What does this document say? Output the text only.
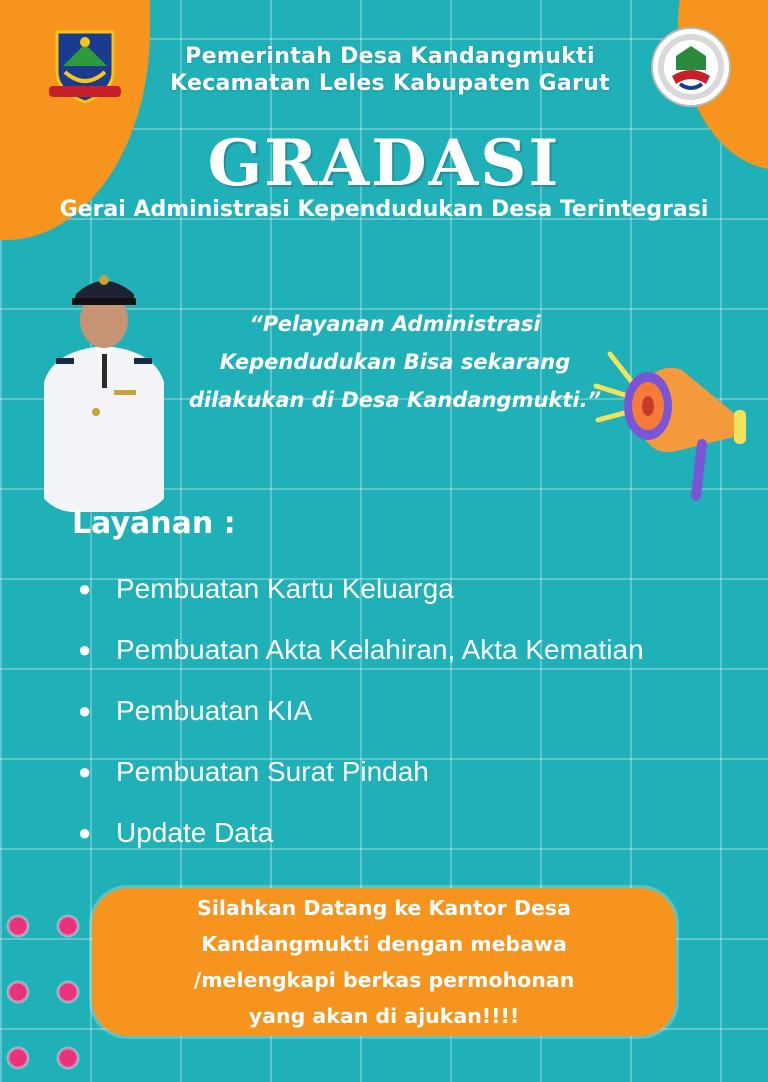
Pemerintah Desa Kandangmukti
Kecamatan Leles Kabupaten Garut
GRADASI
Gerai Administrasi Kependudukan Desa Terintegrasi
“Pelayanan Administrasi
Kependudukan Bisa sekarang
dilakukan di Desa Kandangmukti.”
Layanan :
● Pembuatan Kartu Keluarga
● Pembuatan Akta Kelahiran, Akta Kematian
● Pembuatan KIA
● Pembuatan Surat Pindah
● Update Data
Silahkan Datang ke Kantor Desa
Kandangmukti dengan mebawa
/melengkapi berkas permohonan
yang akan di ajukan!!!!
